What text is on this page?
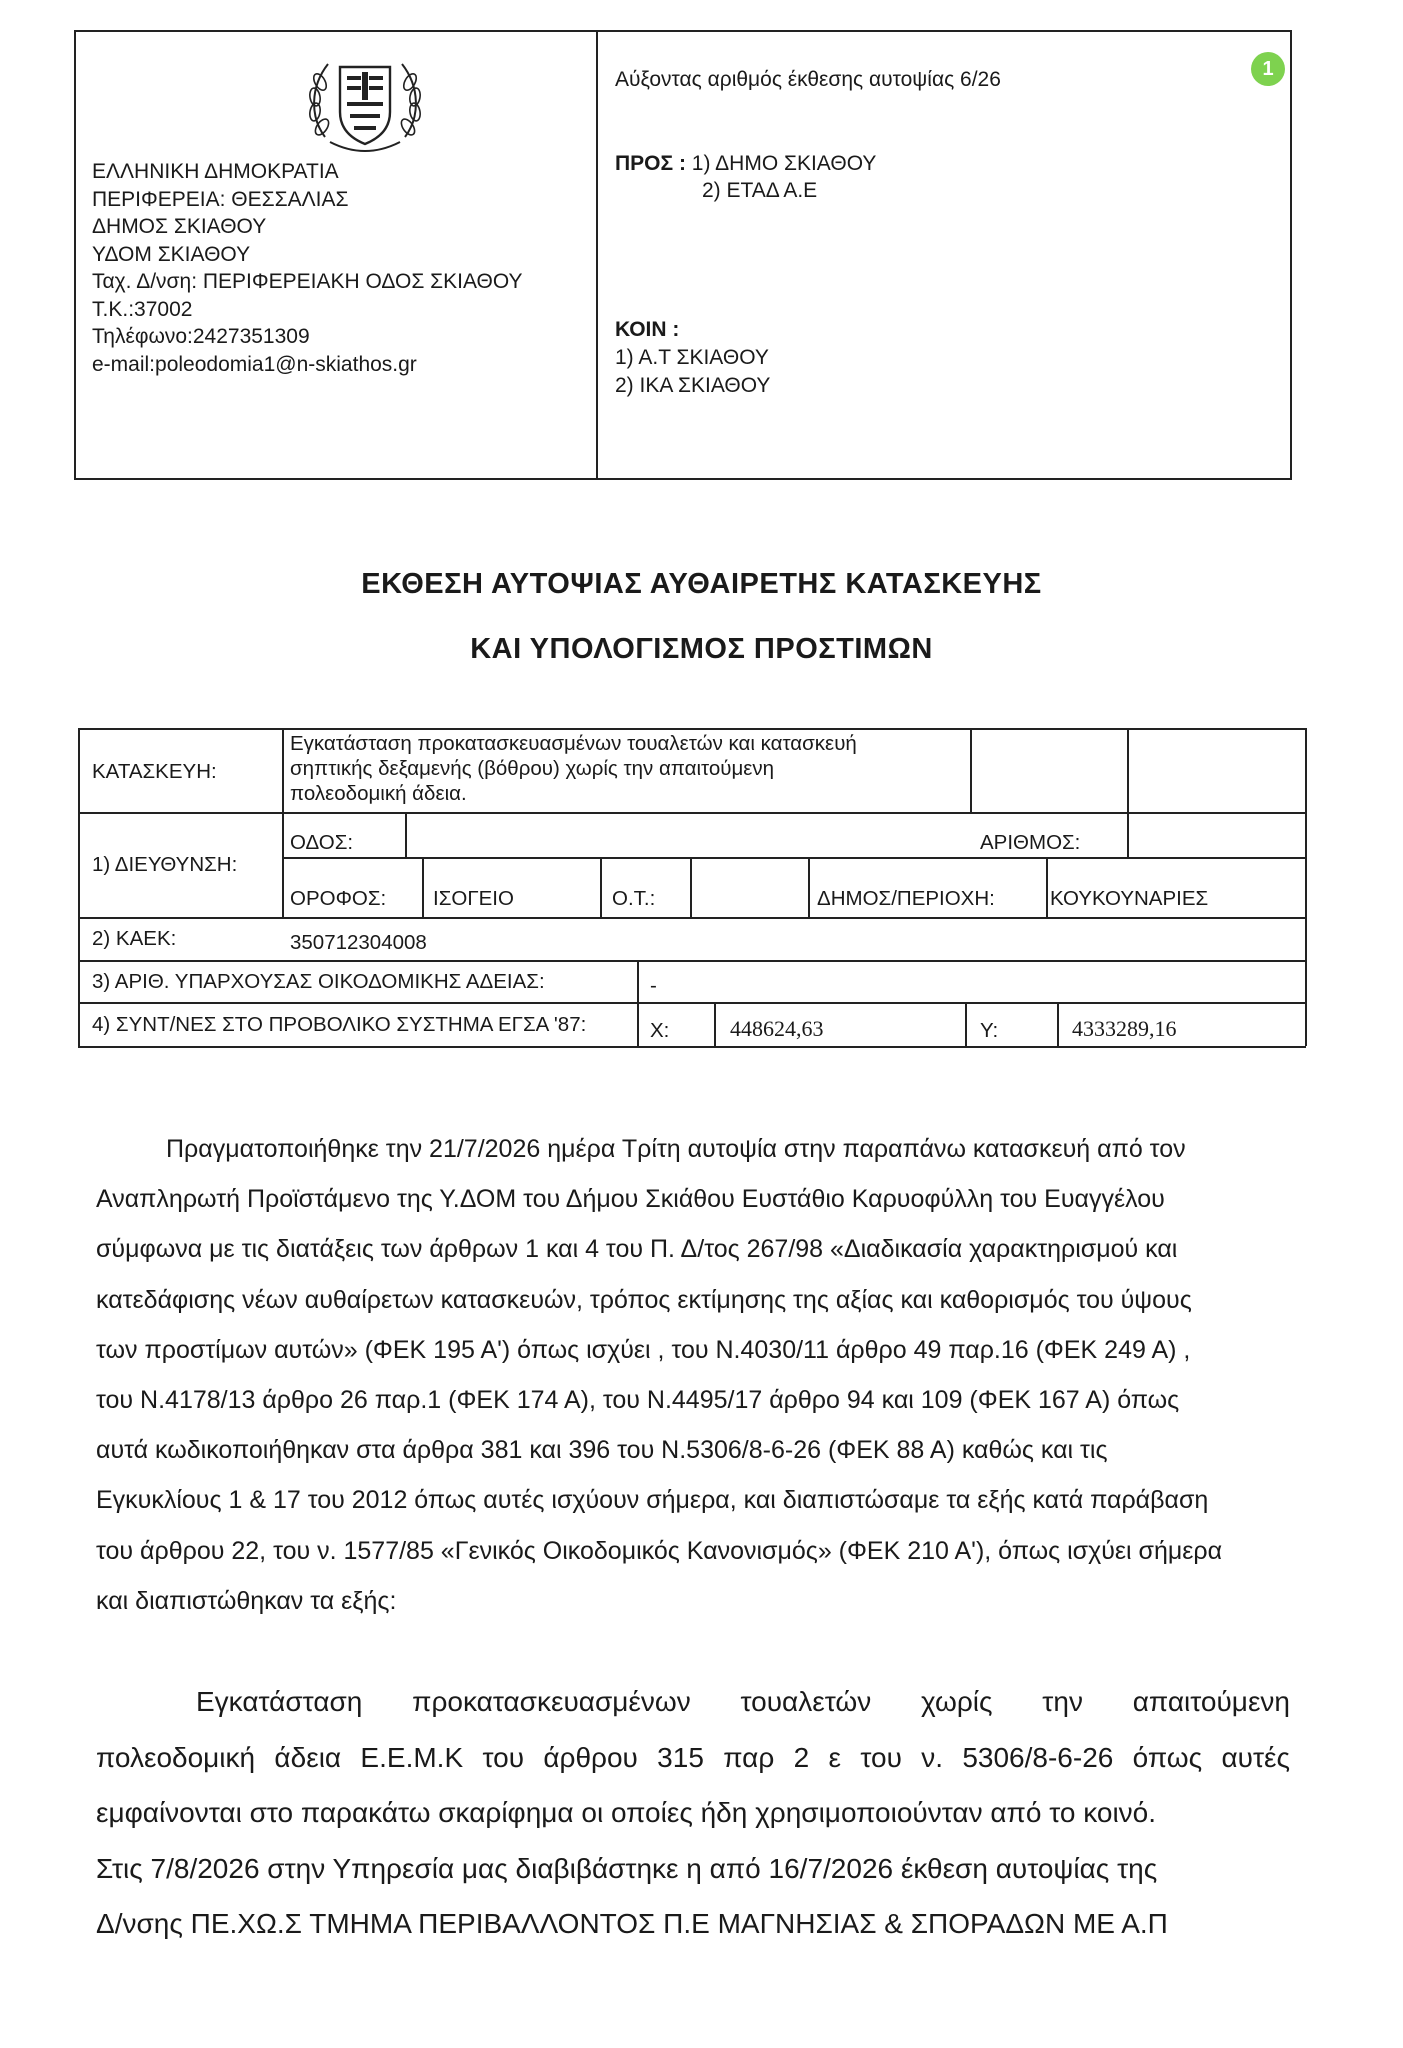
ΕΛΛΗΝΙΚΗ ΔΗΜΟΚΡΑΤΙΑ
ΠΕΡΙΦΕΡΕΙΑ: ΘΕΣΣΑΛΙΑΣ
ΔΗΜΟΣ ΣΚΙΑΘΟΥ
ΥΔΟΜ ΣΚΙΑΘΟΥ
Ταχ. Δ/νση: ΠΕΡΙΦΕΡΕΙΑΚΗ ΟΔΟΣ ΣΚΙΑΘΟΥ
Τ.Κ.:37002
Τηλέφωνο:2427351309
e-mail:poleodomia1@n-skiathos.gr
Αύξοντας αριθμός έκθεσης αυτοψίας 6/26	1
ΠΡΟΣ : 1) ΔΗΜΟ ΣΚΙΑΘΟΥ
2) ΕΤΑΔ Α.Ε
ΚΟΙΝ :
1) Α.Τ ΣΚΙΑΘΟΥ
2) ΙΚΑ ΣΚΙΑΘΟΥ
ΕΚΘΕΣΗ ΑΥΤΟΨΙΑΣ ΑΥΘΑΙΡΕΤΗΣ ΚΑΤΑΣΚΕΥΗΣ
ΚΑΙ ΥΠΟΛΟΓΙΣΜΟΣ ΠΡΟΣΤΙΜΩΝ
ΚΑΤΑΣΚΕΥΗ:
Εγκατάσταση προκατασκευασμένων τουαλετών και κατασκευή
σηπτικής δεξαμενής (βόθρου) χωρίς την απαιτούμενη
πολεοδομική άδεια.
1) ΔΙΕΥΘΥΝΣΗ:
ΟΔΟΣ:	ΑΡΙΘΜΟΣ:
ΟΡΟΦΟΣ: ΙΣΟΓΕΙΟ	Ο.Τ.:	ΔΗΜΟΣ/ΠΕΡΙΟΧΗ:	ΚΟΥΚΟΥΝΑΡΙΕΣ
2) ΚΑΕΚ:	350712304008
3) ΑΡΙΘ. ΥΠΑΡΧΟΥΣΑΣ ΟΙΚΟΔΟΜΙΚΗΣ ΑΔΕΙΑΣ:	-
4) ΣΥΝΤ/ΝΕΣ ΣΤΟ ΠΡΟΒΟΛΙΚΟ ΣΥΣΤΗΜΑ ΕΓΣΑ '87:	Χ:	448624,63	Υ:	4333289,16
Πραγματοποιήθηκε την 21/7/2026 ημέρα Τρίτη αυτοψία στην παραπάνω κατασκευή από τον
Αναπληρωτή Προϊστάμενο της Υ.ΔΟΜ του Δήμου Σκιάθου Ευστάθιο Καρυοφύλλη του Ευαγγέλου
σύμφωνα με τις διατάξεις των άρθρων 1 και 4 του Π. Δ/τος 267/98 «Διαδικασία χαρακτηρισμού και
κατεδάφισης νέων αυθαίρετων κατασκευών, τρόπος εκτίμησης της αξίας και καθορισμός του ύψους
των προστίμων αυτών» (ΦΕΚ 195 Α') όπως ισχύει , του Ν.4030/11 άρθρο 49 παρ.16 (ΦΕΚ 249 Α) ,
του Ν.4178/13 άρθρο 26 παρ.1 (ΦΕΚ 174 Α), του Ν.4495/17 άρθρο 94 και 109 (ΦΕΚ 167 Α) όπως
αυτά κωδικοποιήθηκαν στα άρθρα 381 και 396 του Ν.5306/8-6-26 (ΦΕΚ 88 Α) καθώς και τις
Εγκυκλίους 1 & 17 του 2012 όπως αυτές ισχύουν σήμερα, και διαπιστώσαμε τα εξής κατά παράβαση
του άρθρου 22, του ν. 1577/85 «Γενικός Οικοδομικός Κανονισμός» (ΦΕΚ 210 Α'), όπως ισχύει σήμερα
και διαπιστώθηκαν τα εξής:
Εγκατάσταση προκατασκευασμένων τουαλετών χωρίς την απαιτούμενη
πολεοδομική άδεια Ε.Ε.Μ.Κ του άρθρου 315 παρ 2 ε του ν. 5306/8-6-26 όπως αυτές
εμφαίνονται στο παρακάτω σκαρίφημα οι οποίες ήδη χρησιμοποιούνταν από το κοινό.
Στις 7/8/2026 στην Υπηρεσία μας διαβιβάστηκε η από 16/7/2026 έκθεση αυτοψίας της
Δ/νσης ΠΕ.ΧΩ.Σ ΤΜΗΜΑ ΠΕΡΙΒΑΛΛΟΝΤΟΣ Π.Ε ΜΑΓΝΗΣΙΑΣ & ΣΠΟΡΑΔΩΝ ΜΕ Α.Π
